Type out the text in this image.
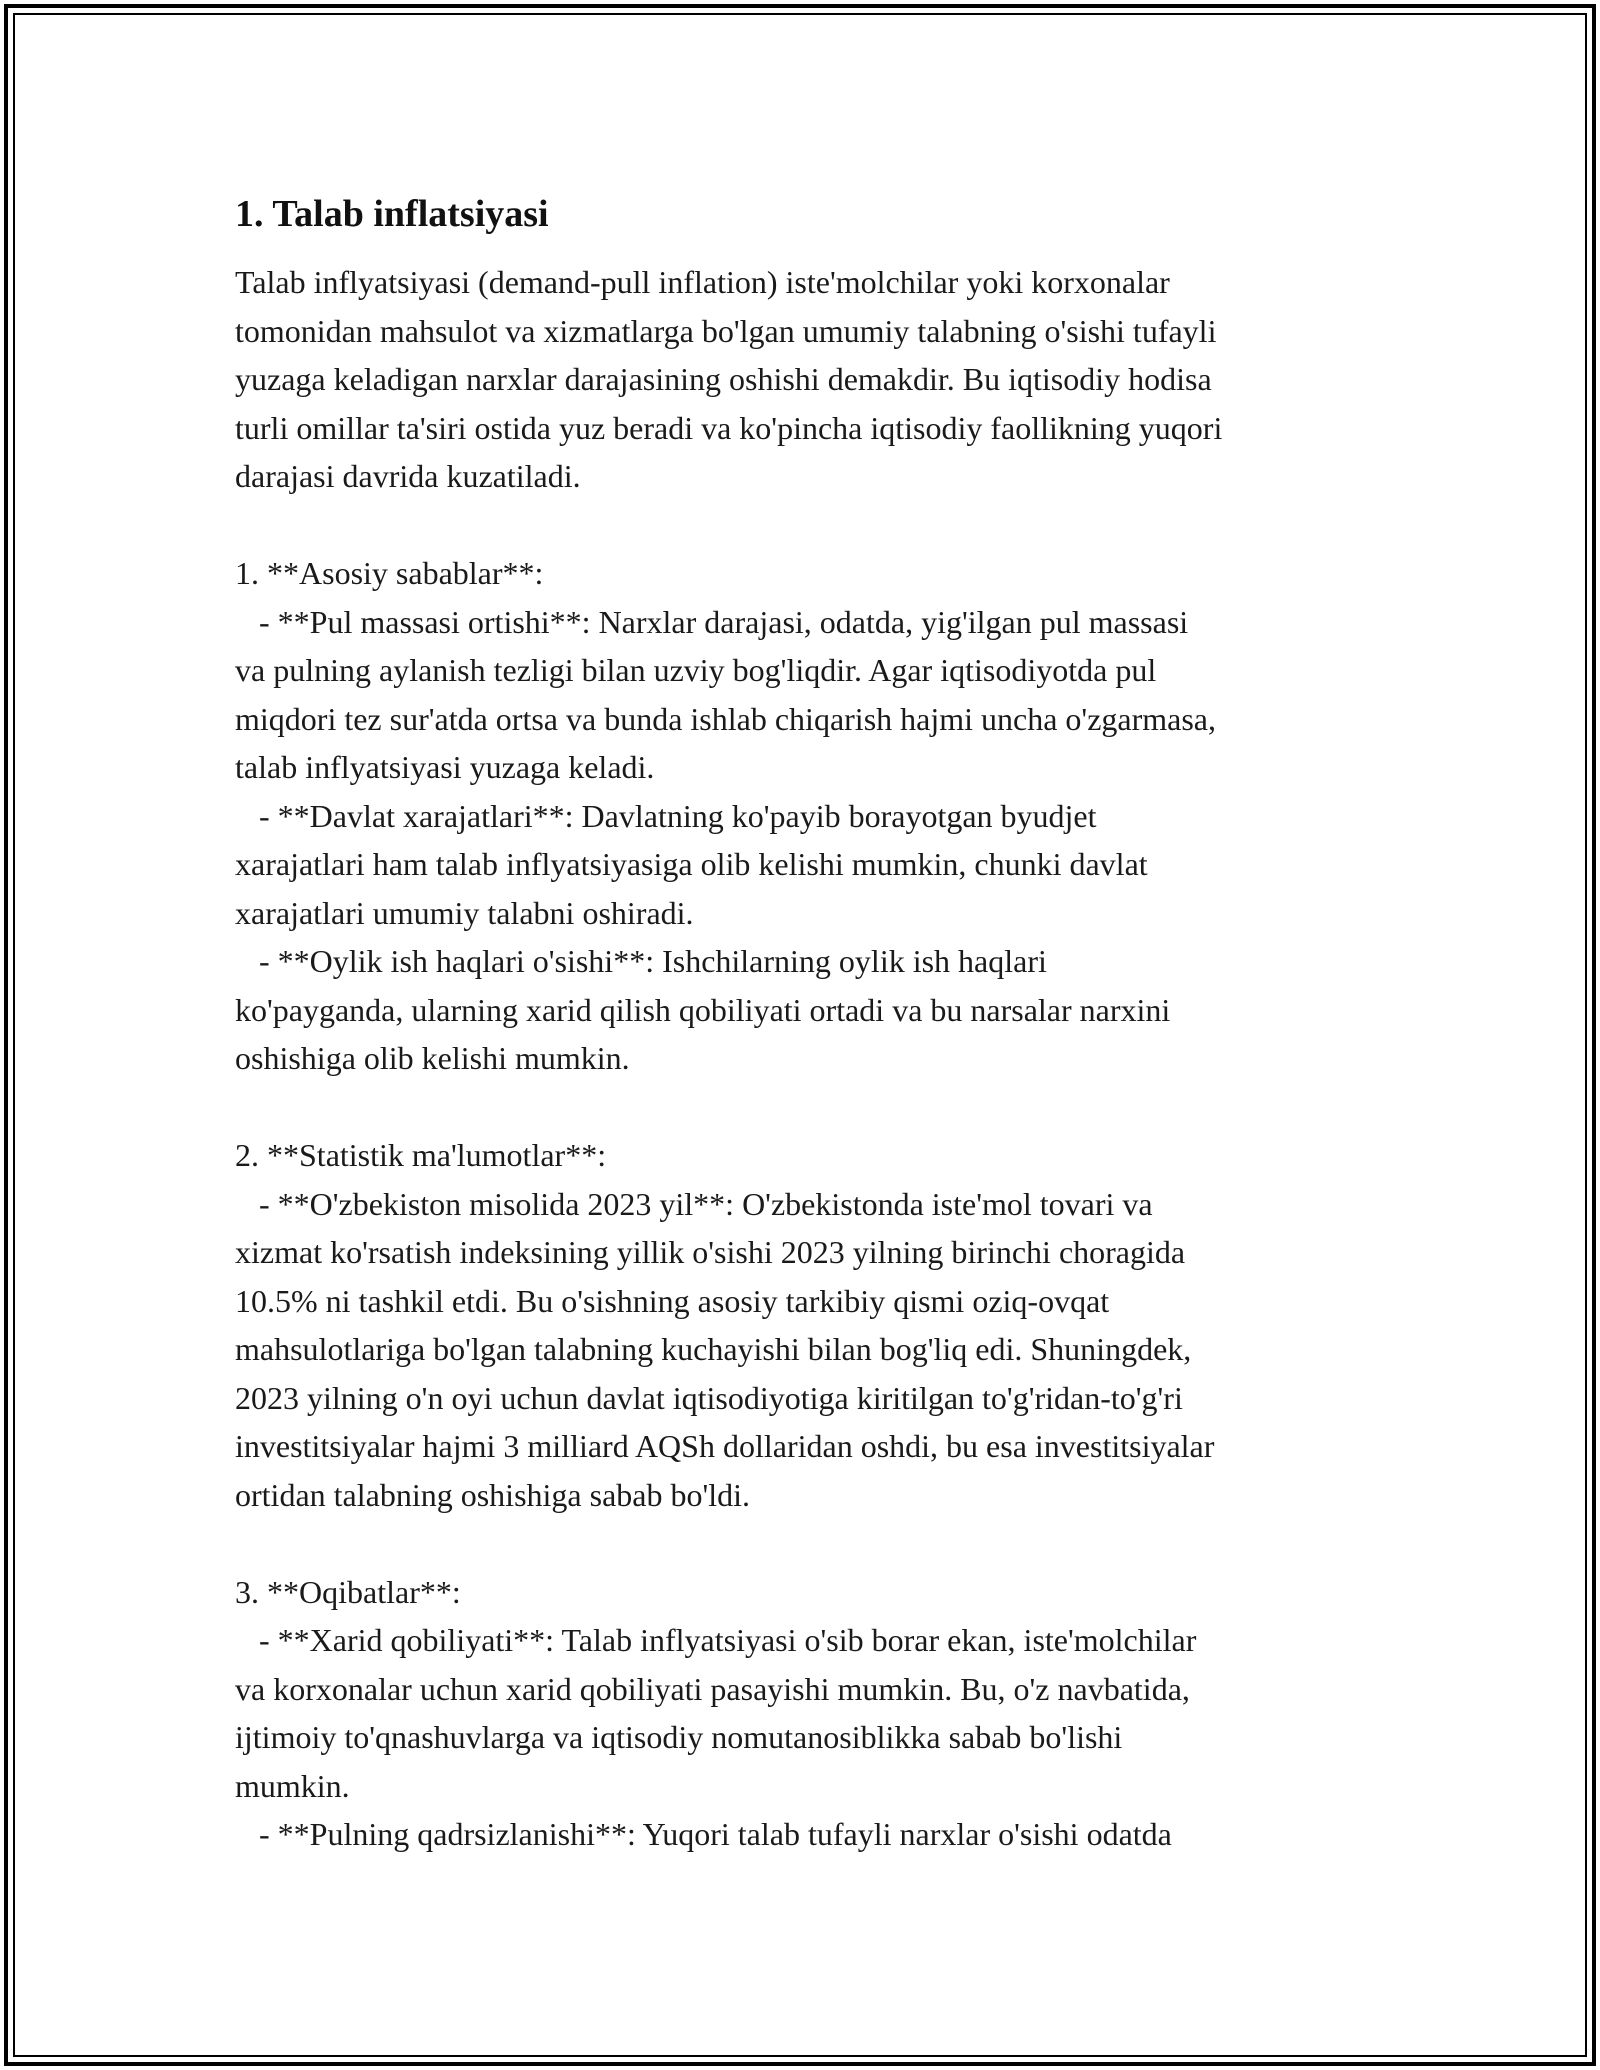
1. Talab inflatsiyasi

Talab inflyatsiyasi (demand-pull inflation) iste'molchilar yoki korxonalar
tomonidan mahsulot va xizmatlarga bo'lgan umumiy talabning o'sishi tufayli
yuzaga keladigan narxlar darajasining oshishi demakdir. Bu iqtisodiy hodisa
turli omillar ta'siri ostida yuz beradi va ko'pincha iqtisodiy faollikning yuqori
darajasi davrida kuzatiladi.

1. **Asosiy sabablar**:
- **Pul massasi ortishi**: Narxlar darajasi, odatda, yig'ilgan pul massasi
va pulning aylanish tezligi bilan uzviy bog'liqdir. Agar iqtisodiyotda pul
miqdori tez sur'atda ortsa va bunda ishlab chiqarish hajmi uncha o'zgarmasa,
talab inflyatsiyasi yuzaga keladi.
- **Davlat xarajatlari**: Davlatning ko'payib borayotgan byudjet
xarajatlari ham talab inflyatsiyasiga olib kelishi mumkin, chunki davlat
xarajatlari umumiy talabni oshiradi.
- **Oylik ish haqlari o'sishi**: Ishchilarning oylik ish haqlari
ko'payganda, ularning xarid qilish qobiliyati ortadi va bu narsalar narxini
oshishiga olib kelishi mumkin.

2. **Statistik ma'lumotlar**:
- **O'zbekiston misolida 2023 yil**: O'zbekistonda iste'mol tovari va
xizmat ko'rsatish indeksining yillik o'sishi 2023 yilning birinchi choragida
10.5% ni tashkil etdi. Bu o'sishning asosiy tarkibiy qismi oziq-ovqat
mahsulotlariga bo'lgan talabning kuchayishi bilan bog'liq edi. Shuningdek,
2023 yilning o'n oyi uchun davlat iqtisodiyotiga kiritilgan to'g'ridan-to'g'ri
investitsiyalar hajmi 3 milliard AQSh dollaridan oshdi, bu esa investitsiyalar
ortidan talabning oshishiga sabab bo'ldi.

3. **Oqibatlar**:
- **Xarid qobiliyati**: Talab inflyatsiyasi o'sib borar ekan, iste'molchilar
va korxonalar uchun xarid qobiliyati pasayishi mumkin. Bu, o'z navbatida,
ijtimoiy to'qnashuvlarga va iqtisodiy nomutanosiblikka sabab bo'lishi
mumkin.
- **Pulning qadrsizlanishi**: Yuqori talab tufayli narxlar o'sishi odatda
